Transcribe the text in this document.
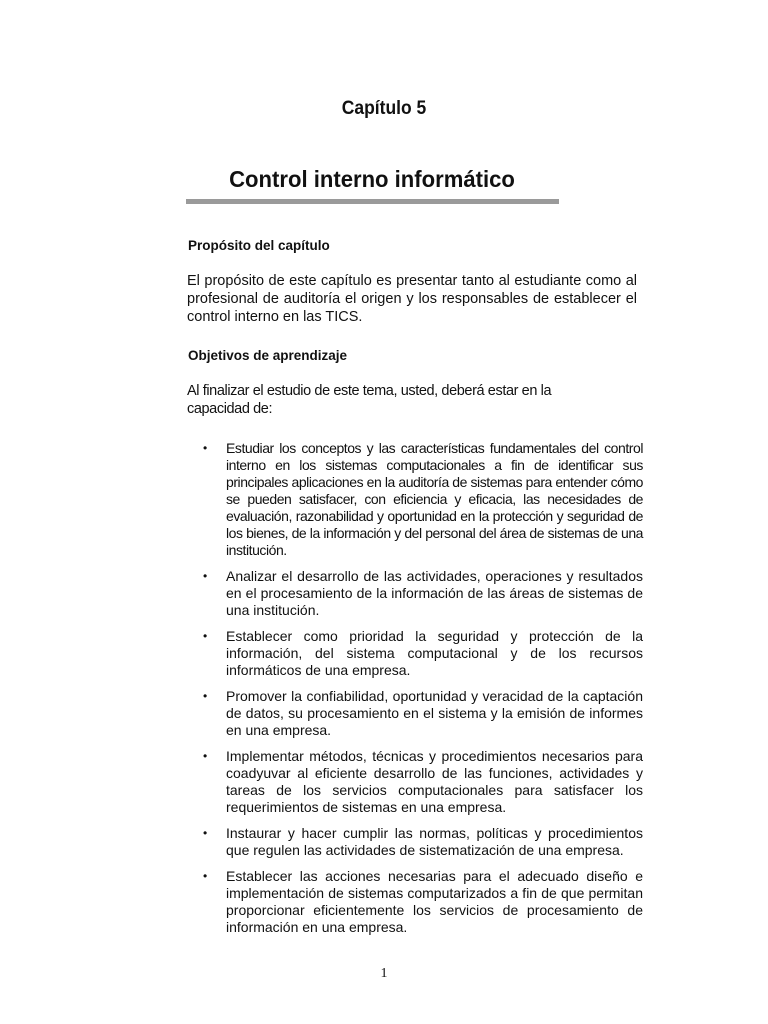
Capítulo 5
Control interno informático
Propósito del capítulo
El propósito de este capítulo es presentar tanto al estudiante como al profesional de auditoría el origen y los responsables de establecer el control interno en las TICS.
Objetivos de aprendizaje
Al finalizar el estudio de este tema, usted, deberá estar en la capacidad de:
• Estudiar los conceptos y las características fundamentales del control interno en los sistemas computacionales a fin de identificar sus principales aplicaciones en la auditoría de sistemas para entender cómo se pueden satisfacer, con eficiencia y eficacia, las necesidades de evaluación, razonabilidad y oportunidad en la protección y seguridad de los bienes, de la información y del personal del área de sistemas de una institución.
• Analizar el desarrollo de las actividades, operaciones y resultados en el procesamiento de la información de las áreas de sistemas de una institución.
• Establecer como prioridad la seguridad y protección de la información, del sistema computacional y de los recursos informáticos de una empresa.
• Promover la confiabilidad, oportunidad y veracidad de la captación de datos, su procesamiento en el sistema y la emisión de informes en una empresa.
• Implementar métodos, técnicas y procedimientos necesarios para coadyuvar al eficiente desarrollo de las funciones, actividades y tareas de los servicios computacionales para satisfacer los requerimientos de sistemas en una empresa.
• Instaurar y hacer cumplir las normas, políticas y procedimientos que regulen las actividades de sistematización de una empresa.
• Establecer las acciones necesarias para el adecuado diseño e implementación de sistemas computarizados a fin de que permitan proporcionar eficientemente los servicios de procesamiento de información en una empresa.
1
